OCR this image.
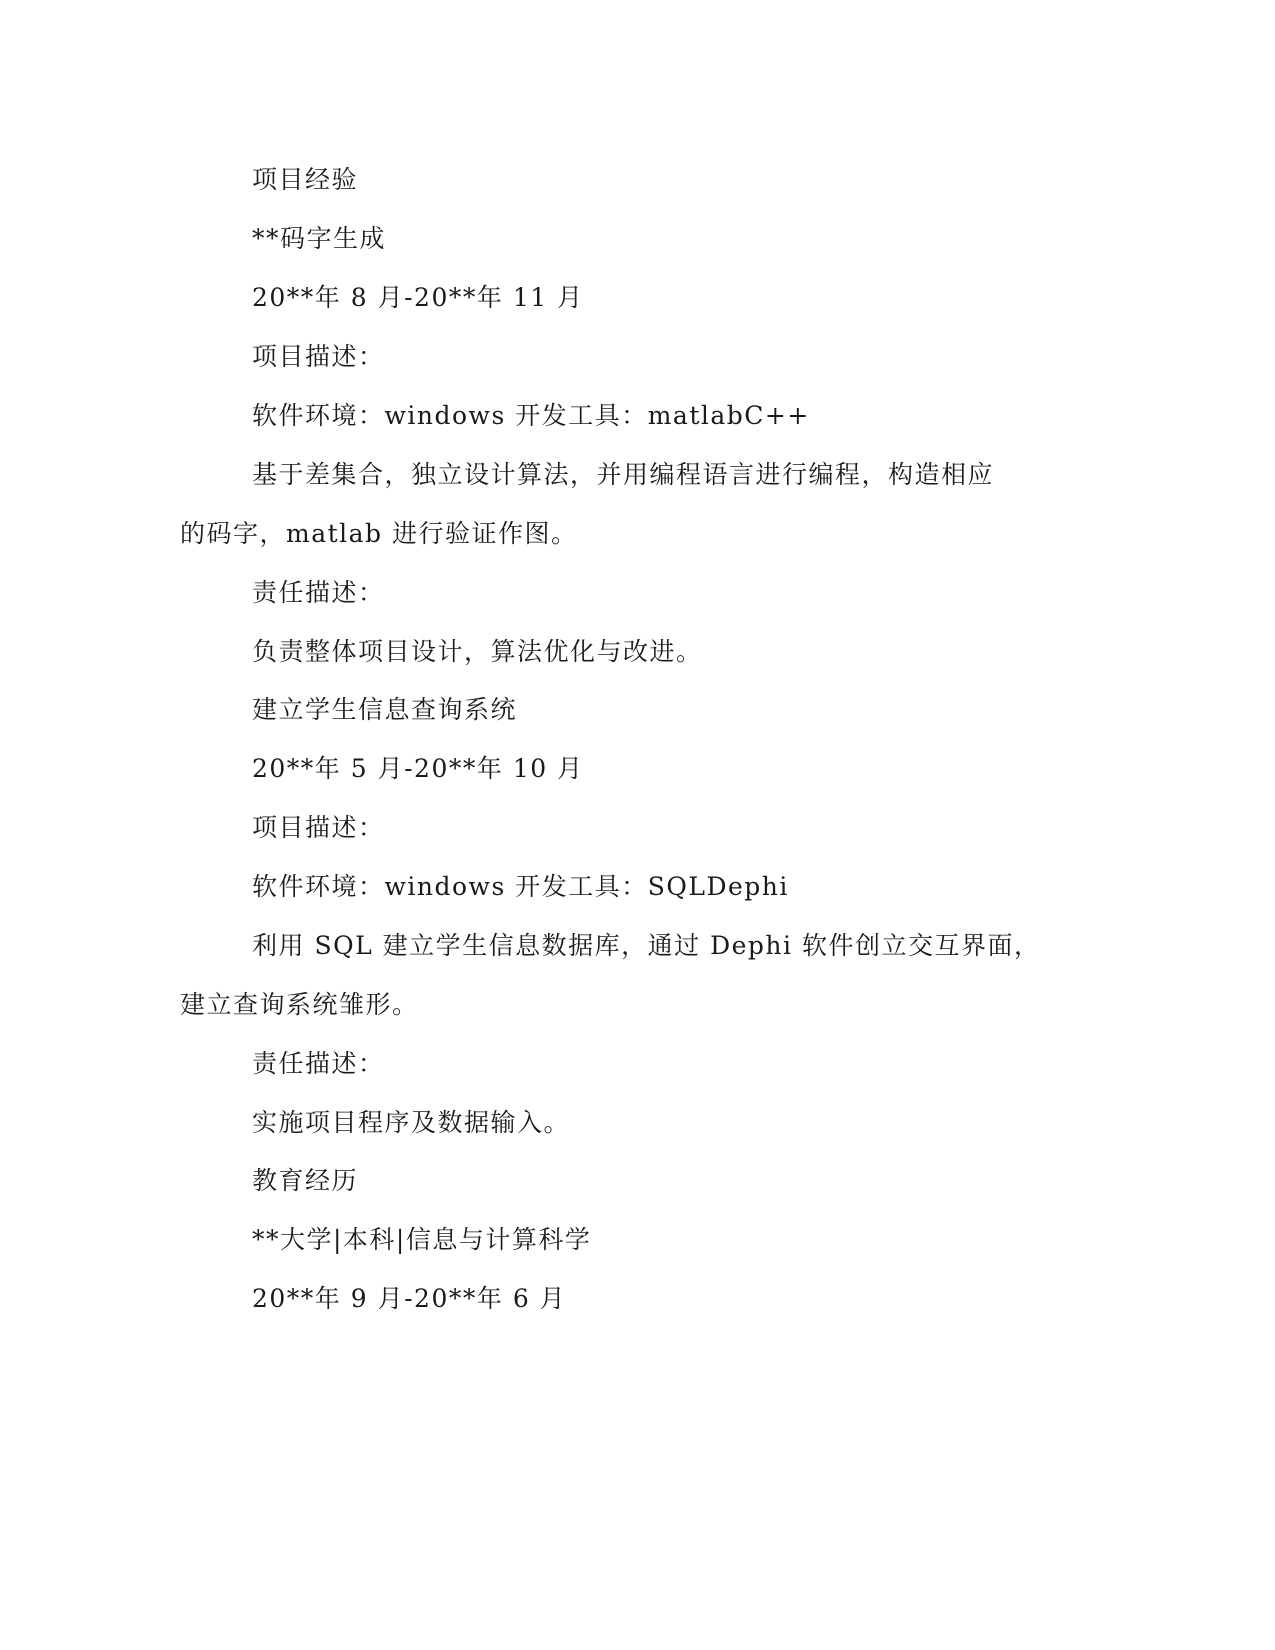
项目经验
**码字生成
20**年 8 月-20**年 11 月
项目描述：
软件环境：windows 开发工具：matlabC++
基于差集合，独立设计算法，并用编程语言进行编程，构造相应
的码字，matlab 进行验证作图。
责任描述：
负责整体项目设计，算法优化与改进。
建立学生信息查询系统
20**年 5 月-20**年 10 月
项目描述：
软件环境：windows 开发工具：SQLDephi
利用 SQL 建立学生信息数据库，通过 Dephi 软件创立交互界面，
建立查询系统雏形。
责任描述：
实施项目程序及数据输入。
教育经历
**大学|本科|信息与计算科学
20**年 9 月-20**年 6 月
